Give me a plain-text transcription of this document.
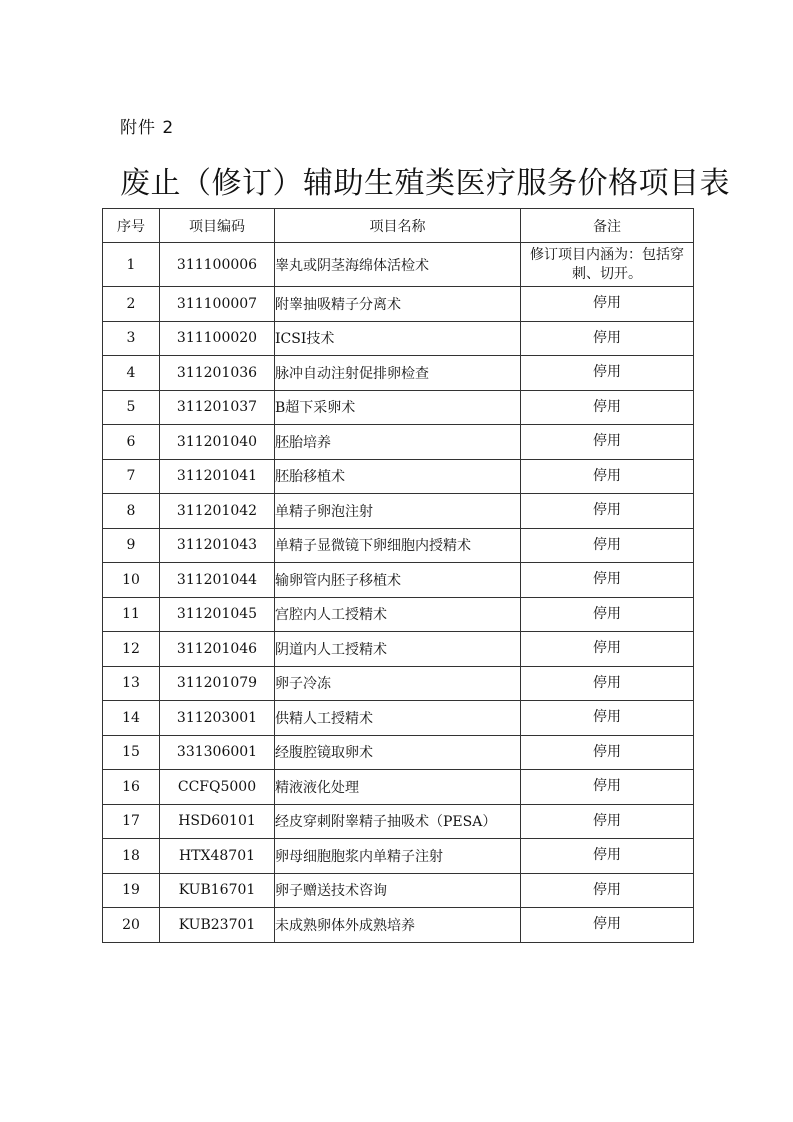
附件 2
废止（修订）辅助生殖类医疗服务价格项目表
序号	项目编码	项目名称	备注
1	311100006	睾丸或阴茎海绵体活检术	修订项目内涵为：包括穿刺、切开。
2	311100007	附睾抽吸精子分离术	停用
3	311100020	ICSI技术	停用
4	311201036	脉冲自动注射促排卵检查	停用
5	311201037	B超下采卵术	停用
6	311201040	胚胎培养	停用
7	311201041	胚胎移植术	停用
8	311201042	单精子卵泡注射	停用
9	311201043	单精子显微镜下卵细胞内授精术	停用
10	311201044	输卵管内胚子移植术	停用
11	311201045	宫腔内人工授精术	停用
12	311201046	阴道内人工授精术	停用
13	311201079	卵子冷冻	停用
14	311203001	供精人工授精术	停用
15	331306001	经腹腔镜取卵术	停用
16	CCFQ5000	精液液化处理	停用
17	HSD60101	经皮穿刺附睾精子抽吸术（PESA）	停用
18	HTX48701	卵母细胞胞浆内单精子注射	停用
19	KUB16701	卵子赠送技术咨询	停用
20	KUB23701	未成熟卵体外成熟培养	停用
